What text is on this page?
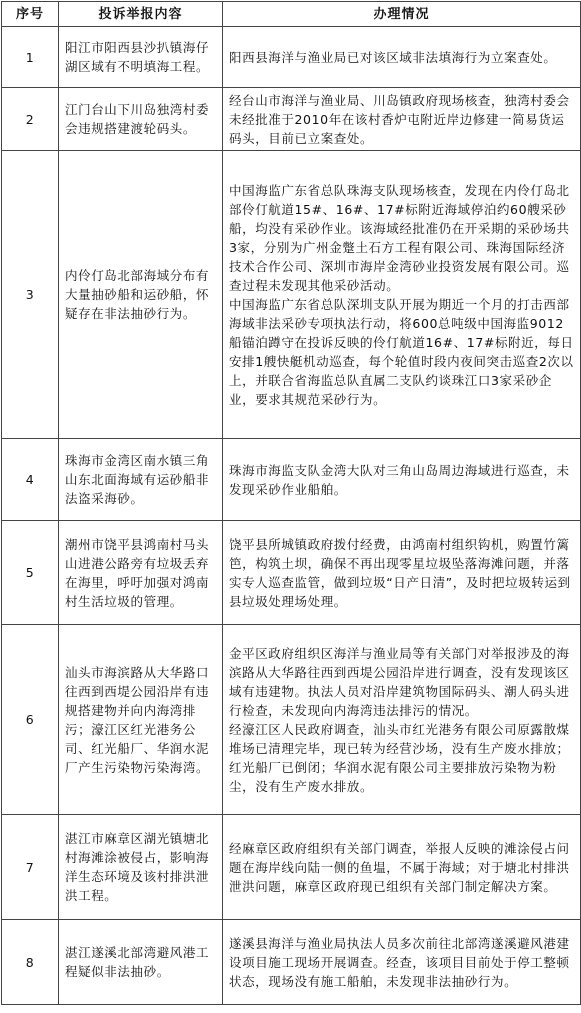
序号	投诉举报内容	办理情况
1	阳江市阳西县沙扒镇海仔湖区域有不明填海工程。	阳西县海洋与渔业局已对该区域非法填海行为立案查处。

2	江门台山下川岛独湾村委会违规搭建渡轮码头。	经台山市海洋与渔业局、川岛镇政府现场核查，独湾村委会未经批准于2010年在该村香炉屯附近岸边修建一简易货运码头，目前已立案查处。

3	内伶仃岛北部海域分布有大量抽砂船和运砂船，怀疑存在非法抽砂行为。	中国海监广东省总队珠海支队现场核查，发现在内伶仃岛北部伶仃航道15#、16#、17#标附近海域停泊约60艘采砂船，均没有采砂作业。该海域经批准仍在开采期的采砂场共3家，分别为广州金蹩土石方工程有限公司、珠海国际经济技术合作公司、深圳市海岸金湾砂业投资发展有限公司。巡查过程未发现其他采砂活动。
中国海监广东省总队深圳支队开展为期近一个月的打击西部海域非法采砂专项执法行动，将600总吨级中国海监9012船锚泊蹲守在投诉反映的伶仃航道16#、17#标附近，每日安排1艘快艇机动巡查，每个轮值时段内夜间突击巡查2次以上，并联合省海监总队直属二支队约谈珠江口3家采砂企业，要求其规范采砂行为。

4	珠海市金湾区南水镇三角山东北面海域有运砂船非法盗采海砂。	珠海市海监支队金湾大队对三角山岛周边海域进行巡查，未发现采砂作业船舶。

5	潮州市饶平县鸿南村马头山进港公路旁有垃圾丢弃在海里，呼吁加强对鸿南村生活垃圾的管理。	饶平县所城镇政府拨付经费，由鸿南村组织钩机，购置竹篱笆，构筑土坝，确保不再出现零星垃圾坠落海滩问题，并落实专人巡查监管，做到垃圾“日产日清”，及时把垃圾转运到县垃圾处理场处理。

6	汕头市海滨路从大华路口往西到西堤公园沿岸有违规搭建物并向内海湾排污；濠江区红光港务公司、红光船厂、华润水泥厂产生污染物污染海湾。	金平区政府组织区海洋与渔业局等有关部门对举报涉及的海滨路从大华路往西到西堤公园沿岸进行调查，没有发现该区域有违建物。执法人员对沿岸建筑物国际码头、潮人码头进行检查，未发现向内海湾违法排污的情况。
经濠江区人民政府调查，汕头市红光港务有限公司原露散煤堆场已清理完毕，现已转为经营沙场，没有生产废水排放；红光船厂已倒闭；华润水泥有限公司主要排放污染物为粉尘，没有生产废水排放。

7	湛江市麻章区湖光镇塘北村海滩涂被侵占，影响海洋生态环境及该村排洪泄洪工程。	经麻章区政府组织有关部门调查，举报人反映的滩涂侵占问题在海岸线向陆一侧的鱼塭，不属于海域；对于塘北村排洪泄洪问题，麻章区政府现已组织有关部门制定解决方案。

8	湛江遂溪北部湾避风港工程疑似非法抽砂。	遂溪县海洋与渔业局执法人员多次前往北部湾遂溪避风港建设项目施工现场开展调查。经查，该项目目前处于停工整顿状态，现场没有施工船舶，未发现非法抽砂行为。
